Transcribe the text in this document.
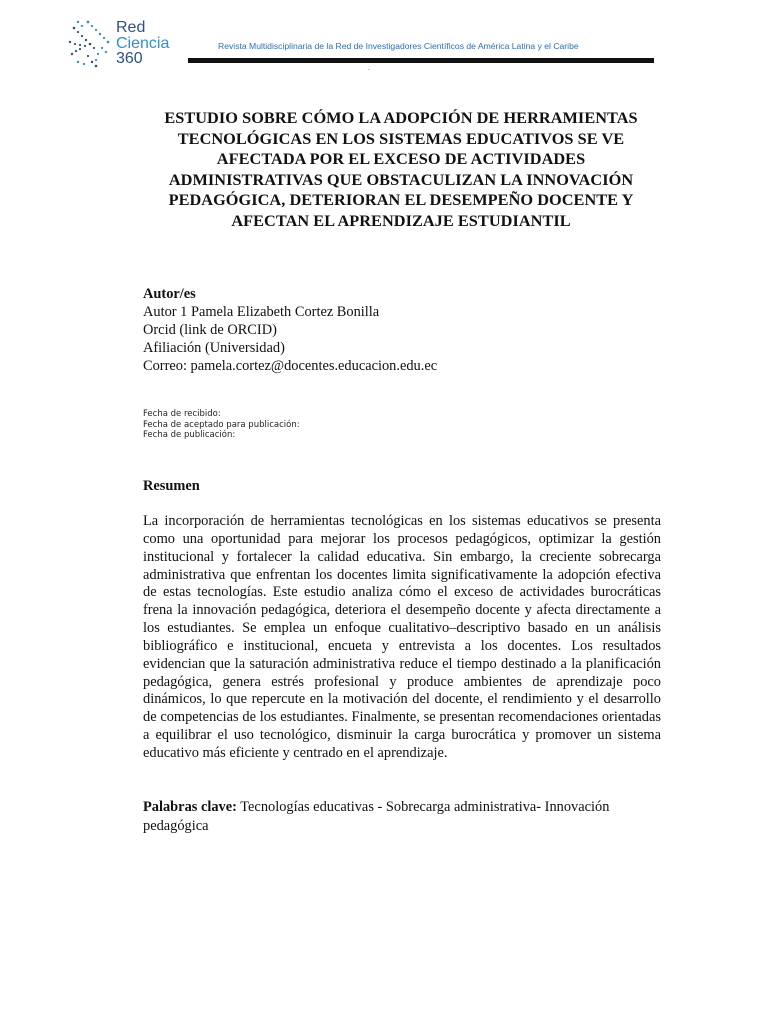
Red
Ciencia
360
Revista Multidisciplinaria de la Red de Investigadores Científicos de América Latina y el Caribe
.
ESTUDIO SOBRE CÓMO LA ADOPCIÓN DE HERRAMIENTAS TECNOLÓGICAS EN LOS SISTEMAS EDUCATIVOS SE VE AFECTADA POR EL EXCESO DE ACTIVIDADES ADMINISTRATIVAS QUE OBSTACULIZAN LA INNOVACIÓN PEDAGÓGICA, DETERIORAN EL DESEMPEÑO DOCENTE Y AFECTAN EL APRENDIZAJE ESTUDIANTIL
Autor/es
Autor 1 Pamela Elizabeth Cortez Bonilla
Orcid (link de ORCID)
Afiliación (Universidad)
Correo: pamela.cortez@docentes.educacion.edu.ec
Fecha de recibido:
Fecha de aceptado para publicación:
Fecha de publicación:
Resumen
La incorporación de herramientas tecnológicas en los sistemas educativos se presenta como una oportunidad para mejorar los procesos pedagógicos, optimizar la gestión institucional y fortalecer la calidad educativa. Sin embargo, la creciente sobrecarga administrativa que enfrentan los docentes limita significativamente la adopción efectiva de estas tecnologías. Este estudio analiza cómo el exceso de actividades burocráticas frena la innovación pedagógica, deteriora el desempeño docente y afecta directamente a los estudiantes. Se emplea un enfoque cualitativo–descriptivo basado en un análisis bibliográfico e institucional, encueta y entrevista a los docentes. Los resultados evidencian que la saturación administrativa reduce el tiempo destinado a la planificación pedagógica, genera estrés profesional y produce ambientes de aprendizaje poco dinámicos, lo que repercute en la motivación del docente, el rendimiento y el desarrollo de competencias de los estudiantes. Finalmente, se presentan recomendaciones orientadas a equilibrar el uso tecnológico, disminuir la carga burocrática y promover un sistema educativo más eficiente y centrado en el aprendizaje.
Palabras clave: Tecnologías educativas - Sobrecarga administrativa- Innovación pedagógica
